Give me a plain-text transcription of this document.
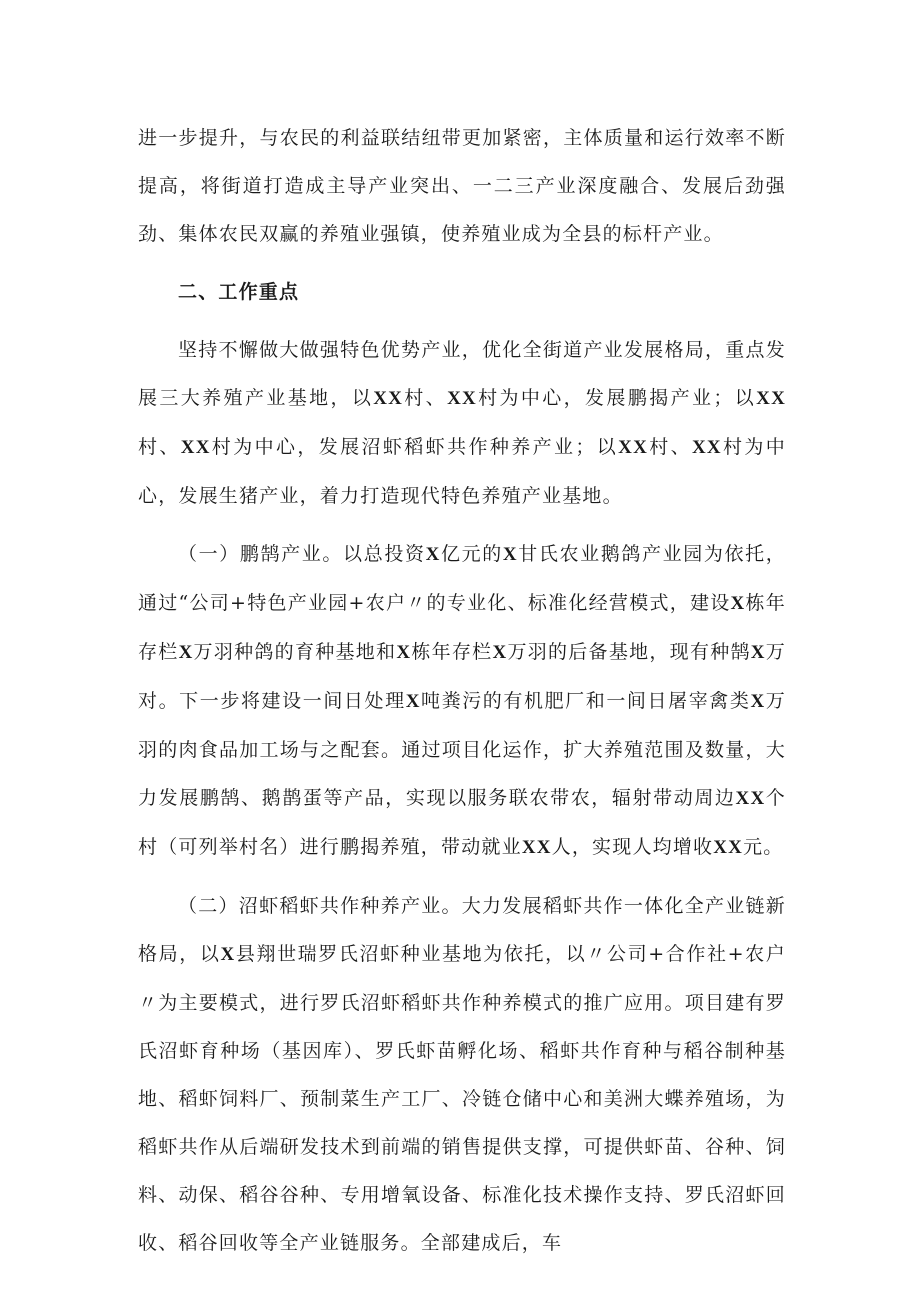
进一步提升，与农民的利益联结纽带更加紧密，主体质量和运行效率不断提高，将街道打造成主导产业突出、一二三产业深度融合、发展后劲强劲、集体农民双赢的养殖业强镇，使养殖业成为全县的标杆产业。

二、工作重点

坚持不懈做大做强特色优势产业，优化全街道产业发展格局，重点发展三大养殖产业基地，以XX村、XX村为中心，发展鹏揭产业；以XX村、XX村为中心，发展沼虾稻虾共作种养产业；以XX村、XX村为中心，发展生猪产业，着力打造现代特色养殖产业基地。

（一）鹏鹄产业。以总投资X亿元的X甘氏农业鹅鸽产业园为依托，通过“公司+特色产业园+农户〃的专业化、标准化经营模式，建设X栋年存栏X万羽种鸽的育种基地和X栋年存栏X万羽的后备基地，现有种鹄X万对。下一步将建设一间日处理X吨粪污的有机肥厂和一间日屠宰禽类X万羽的肉食品加工场与之配套。通过项目化运作，扩大养殖范围及数量，大力发展鹏鹄、鹅鹊蛋等产品，实现以服务联农带农，辐射带动周边XX个村（可列举村名）进行鹏揭养殖，带动就业XX人，实现人均增收XX元。

（二）沼虾稻虾共作种养产业。大力发展稻虾共作一体化全产业链新格局，以X县翔世瑞罗氏沼虾种业基地为依托，以〃公司+合作社+农户〃为主要模式，进行罗氏沼虾稻虾共作种养模式的推广应用。项目建有罗氏沼虾育种场（基因库）、罗氏虾苗孵化场、稻虾共作育种与稻谷制种基地、稻虾饲料厂、预制菜生产工厂、冷链仓储中心和美洲大蝶养殖场，为稻虾共作从后端研发技术到前端的销售提供支撑，可提供虾苗、谷种、饲料、动保、稻谷谷种、专用增氧设备、标准化技术操作支持、罗氏沼虾回收、稻谷回收等全产业链服务。全部建成后，车
